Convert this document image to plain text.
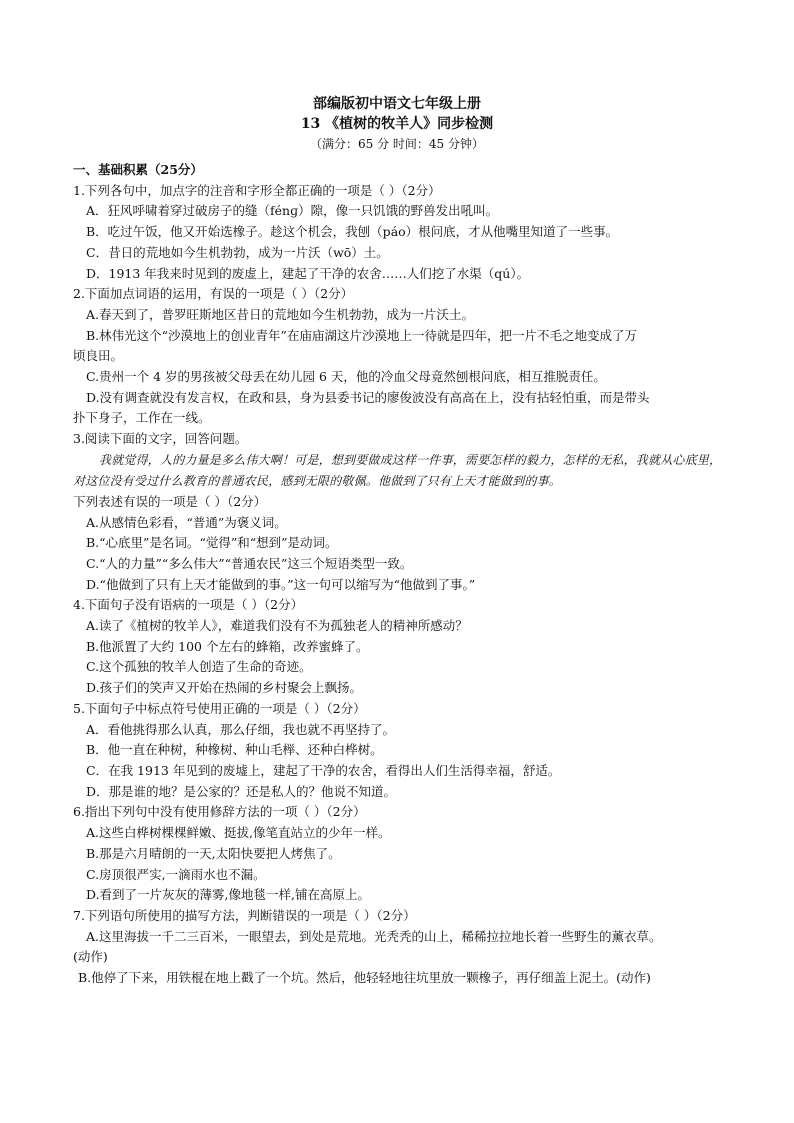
部编版初中语文七年级上册
13 《植树的牧羊人》同步检测
（满分：65 分 时间：45 分钟）
一、基础积累（25分）
1.下列各句中，加点字的注音和字形全都正确的一项是（ ）（2分）
A．狂风呼啸着穿过破房子的缝（fénɡ）隙，像一只饥饿的野兽发出吼叫。
B．吃过午饭，他又开始选橡子。趁这个机会，我刨（páo）根问底，才从他嘴里知道了一些事。
C．昔日的荒地如今生机勃勃，成为一片沃（wō）土。
D．1913 年我来时见到的废虚上，建起了干净的农舍……人们挖了水渠（qú）。
2.下面加点词语的运用，有误的一项是（ ）（2分）
A.春天到了，普罗旺斯地区昔日的荒地如今生机勃勃，成为一片沃土。
B.林伟光这个“沙漠地上的创业青年”在庙庙湖这片沙漠地上一待就是四年，把一片不毛之地变成了万
顷良田。
C.贵州一个 4 岁的男孩被父母丢在幼儿园 6 天，他的冷血父母竟然刨根问底，相互推脱责任。
D.没有调查就没有发言权，在政和县，身为县委书记的廖俊波没有高高在上，没有拈轻怕重，而是带头
扑下身子，工作在一线。
3.阅读下面的文字，回答问题。
我就觉得，人的力量是多么伟大啊！可是，想到要做成这样一件事，需要怎样的毅力，怎样的无私，我就从心底里，对这位没有受过什么教育的普通农民，感到无限的敬佩。他做到了只有上天才能做到的事。
下列表述有误的一项是（ ）（2分）
A.从感情色彩看，“普通”为褒义词。
B.“心底里”是名词。“觉得”和“想到”是动词。
C.“人的力量”“多么伟大”“普通农民”这三个短语类型一致。
D.“他做到了只有上天才能做到的事。”这一句可以缩写为“他做到了事。”
4.下面句子没有语病的一项是（ ）（2分）
A.读了《植树的牧羊人》，难道我们没有不为孤独老人的精神所感动？
B.他派置了大约 100 个左右的蜂箱，改养蜜蜂了。
C.这个孤独的牧羊人创造了生命的奇迹。
D.孩子们的笑声又开始在热闹的乡村聚会上飘扬。
5.下面句子中标点符号使用正确的一项是（ ）（2分）
A．看他挑得那么认真，那么仔细，我也就不再坚持了。
B．他一直在种树，种橡树、种山毛榉、还种白桦树。
C．在我 1913 年见到的废墟上，建起了干净的农舍，看得出人们生活得幸福，舒适。
D．那是谁的地？是公家的？还是私人的？他说不知道。
6.指出下列句中没有使用修辞方法的一项（ ）（2分）
A.这些白桦树棵棵鲜嫩、挺拔,像笔直站立的少年一样。
B.那是六月晴朗的一天,太阳快要把人烤焦了。
C.房顶很严实,一滴雨水也不漏。
D.看到了一片灰灰的薄雾,像地毯一样,铺在高原上。
7.下列语句所使用的描写方法，判断错误的一项是（ ）（2分）
A.这里海拔一千二三百米，一眼望去，到处是荒地。光秃秃的山上，稀稀拉拉地长着一些野生的薰衣草。
(动作)
B.他停了下来，用铁棍在地上戳了一个坑。然后，他轻轻地往坑里放一颗橡子，再仔细盖上泥土。(动作)
